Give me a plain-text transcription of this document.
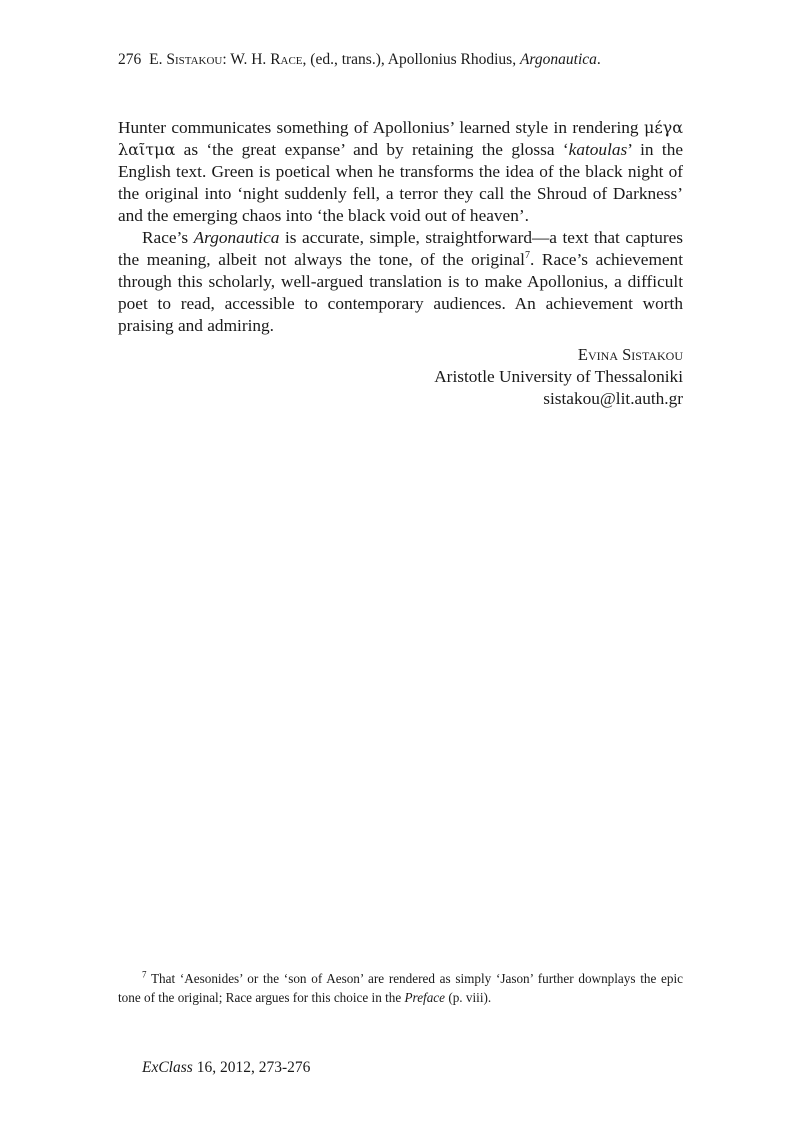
276 E. Sistakou: W. H. Race, (ed., trans.), Apollonius Rhodius, Argonautica.

Hunter communicates something of Apollonius’ learned style in rendering μέγα λαῖτμα as ‘the great expanse’ and by retaining the glossa ‘katoulas’ in the English text. Green is poetical when he transforms the idea of the black night of the original into ‘night suddenly fell, a terror they call the Shroud of Darkness’ and the emerging chaos into ‘the black void out of heaven’.

Race’s Argonautica is accurate, simple, straightforward—a text that captures the meaning, albeit not always the tone, of the original$^7$. Race’s achievement through this scholarly, well-argued translation is to make Apollonius, a difficult poet to read, accessible to contemporary audiences. An achievement worth praising and admiring.

Evina Sistakou
Aristotle University of Thessaloniki
sistakou@lit.auth.gr
$^7$ That ‘Aesonides’ or the ‘son of Aeson’ are rendered as simply ‘Jason’ further downplays the epic tone of the original; Race argues for this choice in the Preface (p. viii).
ExClass 16, 2012, 273-276
